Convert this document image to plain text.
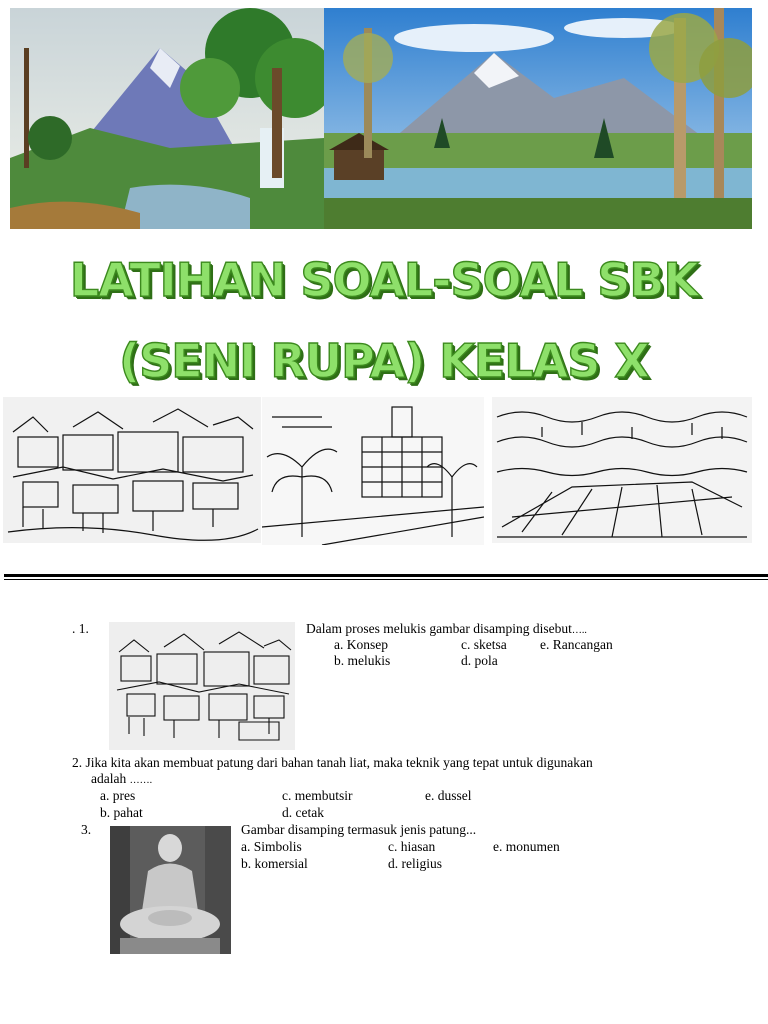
LATIHAN SOAL-SOAL SBK
(SENI RUPA) KELAS X
. 1.	Dalam proses melukis gambar disamping disebut…..
a. Konsep	c. sketsa e. Rancangan
b. melukis	d. pola
2. Jika kita akan membuat patung dari bahan tanah liat, maka teknik yang tepat untuk digunakan
adalah …….
a. pres	c. membutsir	e. dussel
b. pahat	d. cetak
3.	Gambar disamping termasuk jenis patung...
a. Simbolis	c. hiasan	e. monumen
b. komersial	d. religius
